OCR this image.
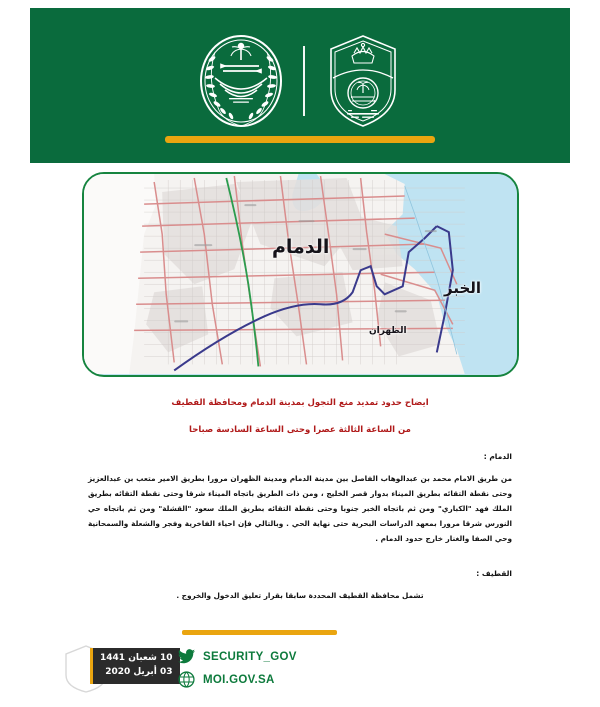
الدمام
الخبر
الظهران
ايضاح حدود تمديد منع التجول بمدينة الدمام ومحافظة القطيف
من الساعة الثالثة عصرا وحتى الساعة السادسة صباحا
الدمام :
من طريق الامام محمد بن عبدالوهاب الفاصل بين مدينة الدمام ومدينة الظهران مرورا بطريق الامير متعب بن عبدالعزيز وحتى نقطة التقائه بطريق الميناء بدوار قصر الخليج ، ومن ذات الطريق باتجاه الميناء شرقا وحتى نقطة التقائه بطريق الملك فهد "الكباري" ومن ثم باتجاه الخبر جنوبا وحتى نقطة التقائه بطريق الملك سعود "القشلة" ومن ثم باتجاه حي النورس شرقا مرورا بمعهد الدراسات البحرية حتى نهاية الحي . وبالتالي فإن احياء الفاخرية وفجر والشعلة والسمحانية وحي الصفا والغنار خارج حدود الدمام .
القطيف :
تشمل محافظة القطيف المحددة سابقا بقرار تعليق الدخول والخروج .
10 شعبان 1441
03 أبريل 2020
SECURITY_GOV
MOI.GOV.SA
